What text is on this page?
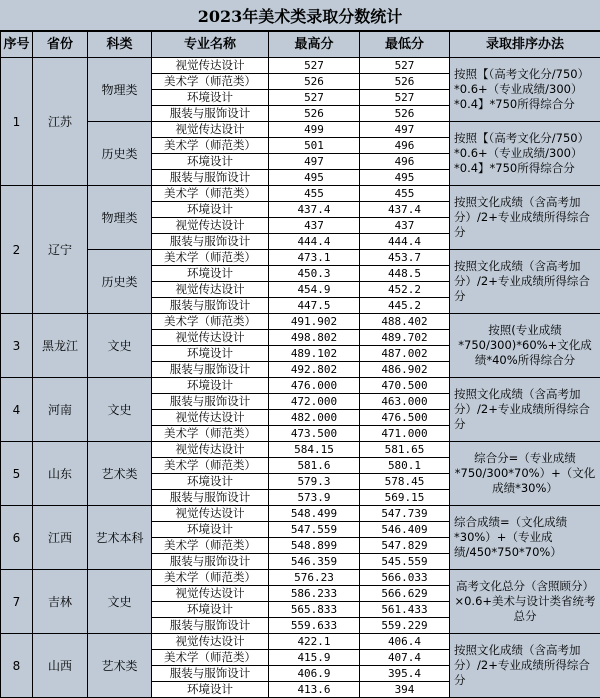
2023年美术类录取分数统计
序号	省份	科类	专业名称	最高分	最低分	录取排序办法
1	江苏	物理类	视觉传达设计	527	527	按照【（高考文化分/750）*0.6+（专业成绩/300）*0.4】*750所得综合分
			美术学（师范类）	526	526	
			环境设计	527	527	
			服装与服饰设计	526	526	
		历史类	视觉传达设计	499	497	按照【（高考文化分/750）*0.6+（专业成绩/300）*0.4】*750所得综合分
			美术学（师范类）	501	496	
			环境设计	497	496	
			服装与服饰设计	495	495	
2	辽宁	物理类	美术学（师范类）	455	455	按照文化成绩（含高考加分）/2+专业成绩所得综合分
			环境设计	437.4	437.4	
			视觉传达设计	437	437	
			服装与服饰设计	444.4	444.4	
		历史类	美术学（师范类）	473.1	453.7	按照文化成绩（含高考加分）/2+专业成绩所得综合分
			环境设计	450.3	448.5	
			视觉传达设计	454.9	452.2	
			服装与服饰设计	447.5	445.2	
3	黑龙江	文史	美术学（师范类）	491.902	488.402	按照(专业成绩*750/300)*60%+文化成绩*40%所得综合分
			视觉传达设计	498.802	489.702	
			环境设计	489.102	487.002	
			服装与服饰设计	492.802	486.902	
4	河南	文史	环境设计	476.000	470.500	按照文化成绩（含高考加分）/2+专业成绩所得综合分
			服装与服饰设计	472.000	463.000	
			视觉传达设计	482.000	476.500	
			美术学（师范类）	473.500	471.000	
5	山东	艺术类	视觉传达设计	584.15	581.65	综合分=（专业成绩*750/300*70%）+（文化成绩*30%）
			美术学（师范类）	581.6	580.1	
			环境设计	579.3	578.45	
			服装与服饰设计	573.9	569.15	
6	江西	艺术本科	视觉传达设计	548.499	547.739	综合成绩=（文化成绩*30%）+（专业成绩/450*750*70%）
			环境设计	547.559	546.409	
			美术学（师范类）	548.899	547.829	
			服装与服饰设计	546.359	545.559	
7	吉林	文史	美术学（师范类）	576.23	566.033	高考文化总分（含照顾分）×0.6+美术与设计类省统考总分
			视觉传达设计	586.233	566.629	
			环境设计	565.833	561.433	
			服装与服饰设计	559.633	559.229	
8	山西	艺术类	视觉传达设计	422.1	406.4	按照文化成绩（含高考加分）/2+专业成绩所得综合分
			美术学（师范类）	415.9	407.4	
			服装与服饰设计	406.9	395.4	
			环境设计	413.6	394	
